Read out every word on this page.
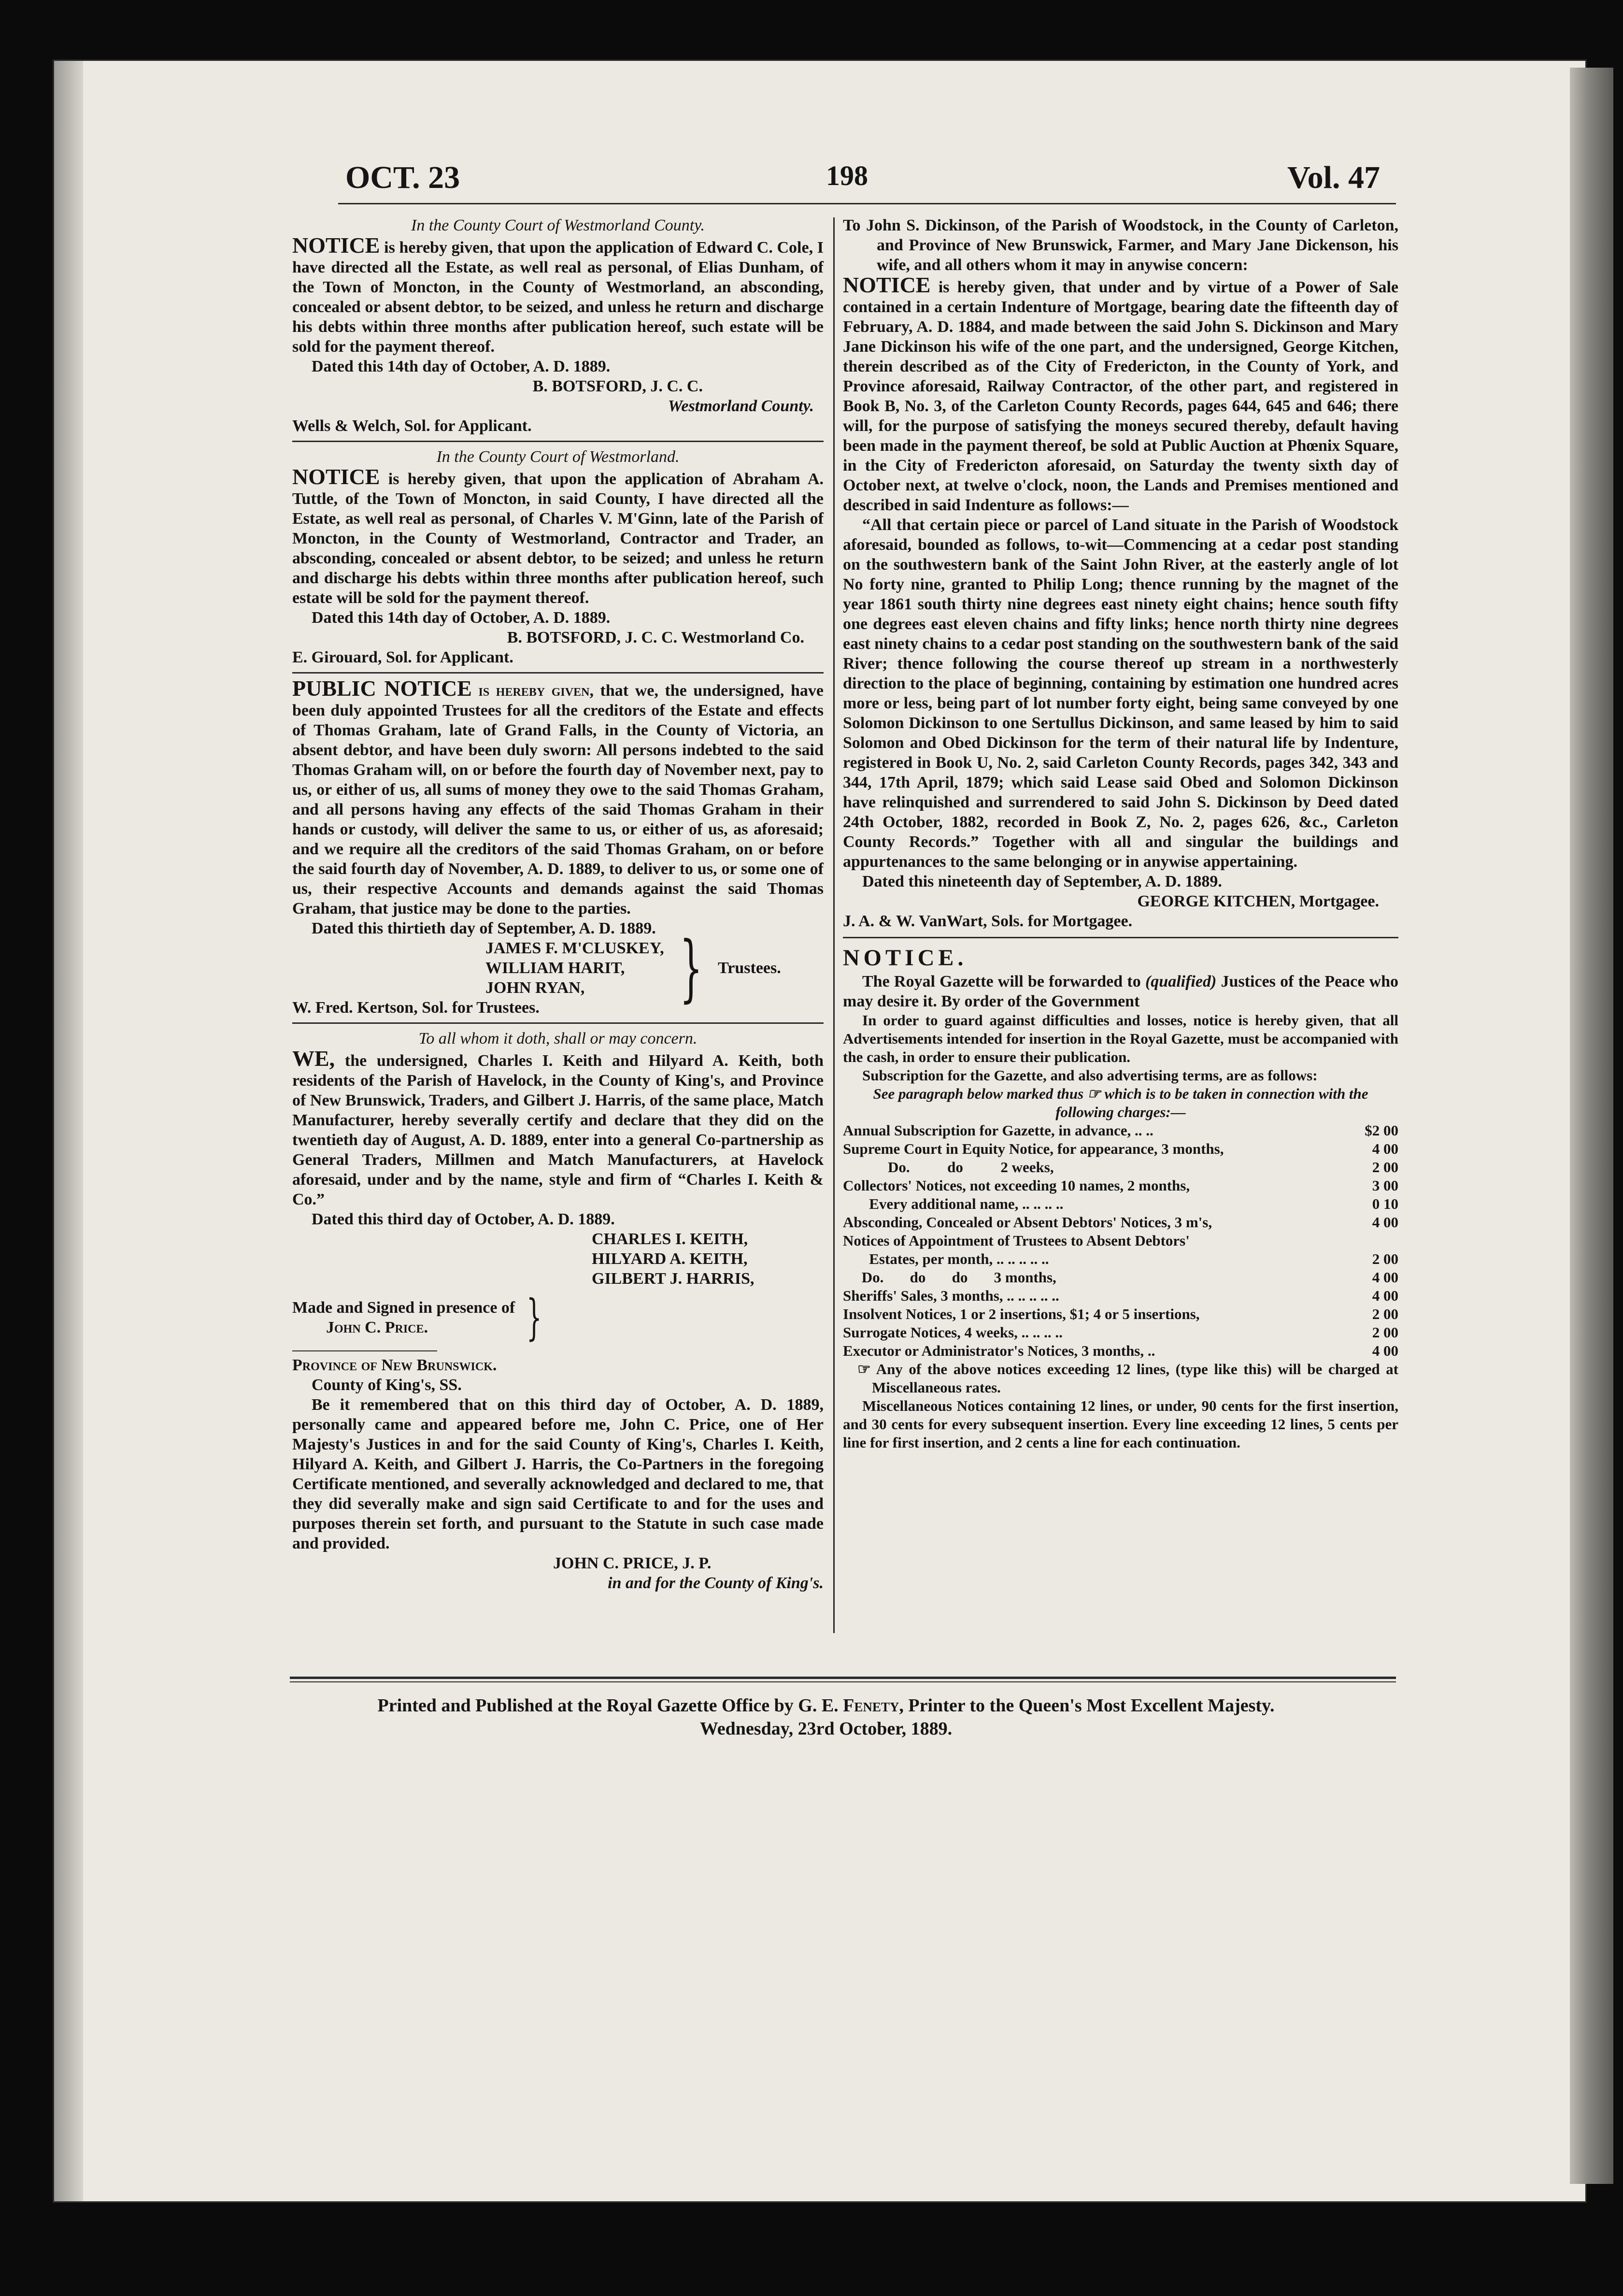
OCT. 23	198	Vol. 47

In the County Court of Westmorland County.

NOTICE is hereby given, that upon the application of Edward C. Cole, I have directed all the Estate, as well real as personal, of Elias Dunham, of the Town of Moncton, in the County of Westmorland, an absconding, concealed or absent debtor, to be seized, and unless he return and discharge his debts within three months after publication hereof, such estate will be sold for the payment thereof.

Dated this 14th day of October, A. D. 1889.

B. BOTSFORD, J. C. C.

Westmorland County.

Wells & Welch, Sol. for Applicant.

In the County Court of Westmorland.

NOTICE is hereby given, that upon the application of Abraham A. Tuttle, of the Town of Moncton, in said County, I have directed all the Estate, as well real as personal, of Charles V. M'Ginn, late of the Parish of Moncton, in the County of Westmorland, Contractor and Trader, an absconding, concealed or absent debtor, to be seized; and unless he return and discharge his debts within three months after publication hereof, such estate will be sold for the payment thereof.

Dated this 14th day of October, A. D. 1889.

B. BOTSFORD, J. C. C. Westmorland Co.

E. Girouard, Sol. for Applicant.

PUBLIC NOTICE is hereby given, that we, the undersigned, have been duly appointed Trustees for all the creditors of the Estate and effects of Thomas Graham, late of Grand Falls, in the County of Victoria, an absent debtor, and have been duly sworn: All persons indebted to the said Thomas Graham will, on or before the fourth day of November next, pay to us, or either of us, all sums of money they owe to the said Thomas Graham, and all persons having any effects of the said Thomas Graham in their hands or custody, will deliver the same to us, or either of us, as aforesaid; and we require all the creditors of the said Thomas Graham, on or before the said fourth day of November, A. D. 1889, to deliver to us, or some one of us, their respective Accounts and demands against the said Thomas Graham, that justice may be done to the parties.

Dated this thirtieth day of September, A. D. 1889.

JAMES F. M'CLUSKEY,

WILLIAM HARIT,

JOHN RYAN,	} Trustees.

W. Fred. Kertson, Sol. for Trustees.

To all whom it doth, shall or may concern.

WE, the undersigned, Charles I. Keith and Hilyard A. Keith, both residents of the Parish of Havelock, in the County of King's, and Province of New Brunswick, Traders, and Gilbert J. Harris, of the same place, Match Manufacturer, hereby severally certify and declare that they did on the twentieth day of August, A. D. 1889, enter into a general Co-partnership as General Traders, Millmen and Match Manufacturers, at Havelock aforesaid, under and by the name, style and firm of “Charles I. Keith & Co.”

Dated this third day of October, A. D. 1889.

CHARLES I. KEITH,

HILYARD A. KEITH,

GILBERT J. HARRIS,

Made and Signed in presence of

John C. Price.	}

Province of New Brunswick.

County of King's, SS.

Be it remembered that on this third day of October, A. D. 1889, personally came and appeared before me, John C. Price, one of Her Majesty's Justices in and for the said County of King's, Charles I. Keith, Hilyard A. Keith, and Gilbert J. Harris, the Co-Partners in the foregoing Certificate mentioned, and severally acknowledged and declared to me, that they did severally make and sign said Certificate to and for the uses and purposes therein set forth, and pursuant to the Statute in such case made and provided.

JOHN C. PRICE, J. P.

in and for the County of King's.

To John S. Dickinson, of the Parish of Woodstock, in the County of Carleton, and Province of New Brunswick, Farmer, and Mary Jane Dickenson, his wife, and all others whom it may in anywise concern:

NOTICE is hereby given, that under and by virtue of a Power of Sale contained in a certain Indenture of Mortgage, bearing date the fifteenth day of February, A. D. 1884, and made between the said John S. Dickinson and Mary Jane Dickinson his wife of the one part, and the undersigned, George Kitchen, therein described as of the City of Fredericton, in the County of York, and Province aforesaid, Railway Contractor, of the other part, and registered in Book B, No. 3, of the Carleton County Records, pages 644, 645 and 646; there will, for the purpose of satisfying the moneys secured thereby, default having been made in the payment thereof, be sold at Public Auction at Phœnix Square, in the City of Fredericton aforesaid, on Saturday the twenty sixth day of October next, at twelve o'clock, noon, the Lands and Premises mentioned and described in said Indenture as follows:—

“All that certain piece or parcel of Land situate in the Parish of Woodstock aforesaid, bounded as follows, to-wit—Commencing at a cedar post standing on the southwestern bank of the Saint John River, at the easterly angle of lot No forty nine, granted to Philip Long; thence running by the magnet of the year 1861 south thirty nine degrees east ninety eight chains; hence south fifty one degrees east eleven chains and fifty links; hence north thirty nine degrees east ninety chains to a cedar post standing on the southwestern bank of the said River; thence following the course thereof up stream in a northwesterly direction to the place of beginning, containing by estimation one hundred acres more or less, being part of lot number forty eight, being same conveyed by one Solomon Dickinson to one Sertullus Dickinson, and same leased by him to said Solomon and Obed Dickinson for the term of their natural life by Indenture, registered in Book U, No. 2, said Carleton County Records, pages 342, 343 and 344, 17th April, 1879; which said Lease said Obed and Solomon Dickinson have relinquished and surrendered to said John S. Dickinson by Deed dated 24th October, 1882, recorded in Book Z, No. 2, pages 626, &c., Carleton County Records.” Together with all and singular the buildings and appurtenances to the same belonging or in anywise appertaining.

Dated this nineteenth day of September, A. D. 1889.

GEORGE KITCHEN, Mortgagee.

J. A. & W. VanWart, Sols. for Mortgagee.

NOTICE.

The Royal Gazette will be forwarded to (qualified) Justices of the Peace who may desire it. By order of the Government

In order to guard against difficulties and losses, notice is hereby given, that all Advertisements intended for insertion in the Royal Gazette, must be accompanied with the cash, in order to ensure their publication.

Subscription for the Gazette, and also advertising terms, are as follows:

See paragraph below marked thus ☞ which is to be taken in connection with the following charges:—

Annual Subscription for Gazette, in advance, .. ..	$2 00
Supreme Court in Equity Notice, for appearance, 3 months,	4 00
Do.          do          2 weeks,	2 00
Collectors' Notices, not exceeding 10 names, 2 months,	3 00
Every additional name, .. .. .. ..	0 10
Absconding, Concealed or Absent Debtors' Notices, 3 m's,	4 00
Notices of Appointment of Trustees to Absent Debtors'
Estates, per month, .. .. .. .. ..	2 00
Do.       do       do       3 months,	4 00
Sheriffs' Sales, 3 months, .. .. .. .. ..	4 00
Insolvent Notices, 1 or 2 insertions, $1; 4 or 5 insertions,	2 00
Surrogate Notices, 4 weeks, .. .. .. ..	2 00
Executor or Administrator's Notices, 3 months, ..	4 00

☞ Any of the above notices exceeding 12 lines, (type like this) will be charged at Miscellaneous rates.

Miscellaneous Notices containing 12 lines, or under, 90 cents for the first insertion, and 30 cents for every subsequent insertion. Every line exceeding 12 lines, 5 cents per line for first insertion, and 2 cents a line for each continuation.

Printed and Published at the Royal Gazette Office by G. E. Fenety, Printer to the Queen's Most Excellent Majesty.
Wednesday, 23rd October, 1889.
